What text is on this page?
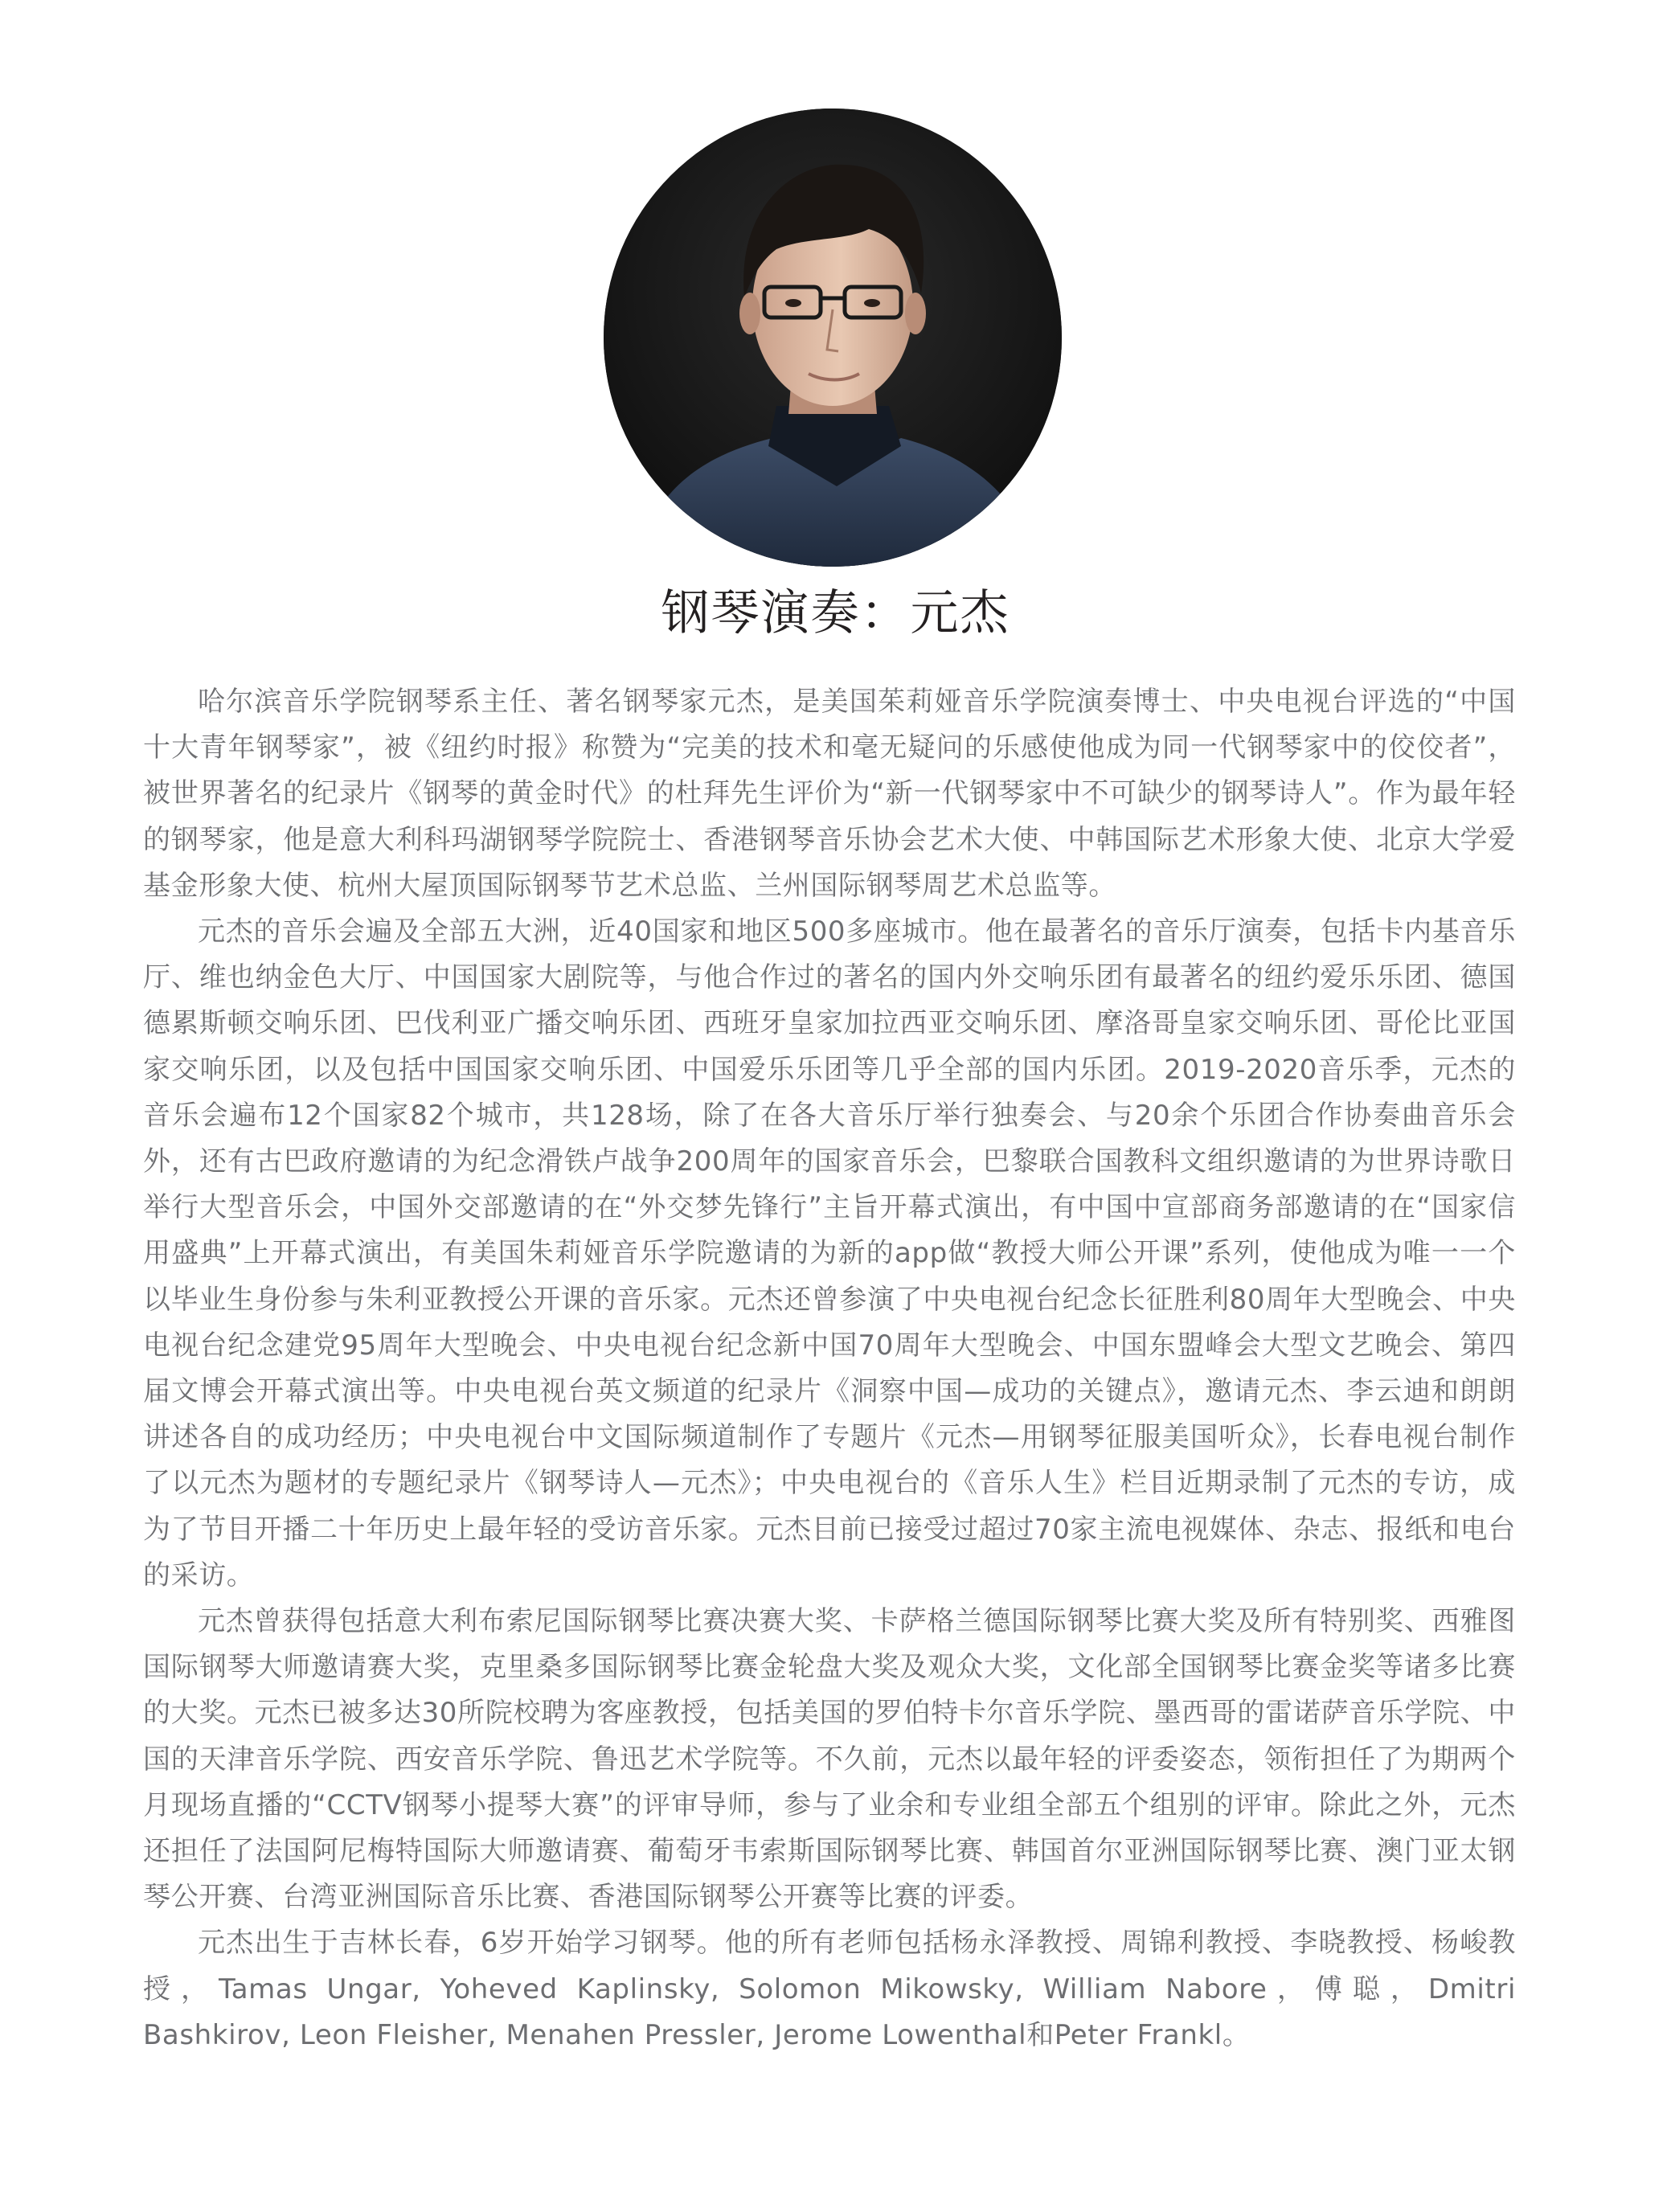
钢琴演奏：元杰

哈尔滨音乐学院钢琴系主任、著名钢琴家元杰，是美国茱莉娅音乐学院演奏博士、中央电视台评选的“中国十大青年钢琴家”，被《纽约时报》称赞为“完美的技术和毫无疑问的乐感使他成为同一代钢琴家中的佼佼者”，被世界著名的纪录片《钢琴的黄金时代》的杜拜先生评价为“新一代钢琴家中不可缺少的钢琴诗人”。作为最年轻的钢琴家，他是意大利科玛湖钢琴学院院士、香港钢琴音乐协会艺术大使、中韩国际艺术形象大使、北京大学爱基金形象大使、杭州大屋顶国际钢琴节艺术总监、兰州国际钢琴周艺术总监等。

元杰的音乐会遍及全部五大洲，近40国家和地区500多座城市。他在最著名的音乐厅演奏，包括卡内基音乐厅、维也纳金色大厅、中国国家大剧院等，与他合作过的著名的国内外交响乐团有最著名的纽约爱乐乐团、德国德累斯顿交响乐团、巴伐利亚广播交响乐团、西班牙皇家加拉西亚交响乐团、摩洛哥皇家交响乐团、哥伦比亚国家交响乐团，以及包括中国国家交响乐团、中国爱乐乐团等几乎全部的国内乐团。2019-2020音乐季，元杰的音乐会遍布12个国家82个城市，共128场，除了在各大音乐厅举行独奏会、与20余个乐团合作协奏曲音乐会外，还有古巴政府邀请的为纪念滑铁卢战争200周年的国家音乐会，巴黎联合国教科文组织邀请的为世界诗歌日举行大型音乐会，中国外交部邀请的在“外交梦先锋行”主旨开幕式演出，有中国中宣部商务部邀请的在“国家信用盛典”上开幕式演出，有美国朱莉娅音乐学院邀请的为新的app做“教授大师公开课”系列，使他成为唯一一个以毕业生身份参与朱利亚教授公开课的音乐家。元杰还曾参演了中央电视台纪念长征胜利80周年大型晚会、中央电视台纪念建党95周年大型晚会、中央电视台纪念新中国70周年大型晚会、中国东盟峰会大型文艺晚会、第四届文博会开幕式演出等。中央电视台英文频道的纪录片《洞察中国—成功的关键点》，邀请元杰、李云迪和朗朗讲述各自的成功经历；中央电视台中文国际频道制作了专题片《元杰—用钢琴征服美国听众》，长春电视台制作了以元杰为题材的专题纪录片《钢琴诗人—元杰》；中央电视台的《音乐人生》栏目近期录制了元杰的专访，成为了节目开播二十年历史上最年轻的受访音乐家。元杰目前已接受过超过70家主流电视媒体、杂志、报纸和电台的采访。

元杰曾获得包括意大利布索尼国际钢琴比赛决赛大奖、卡萨格兰德国际钢琴比赛大奖及所有特别奖、西雅图国际钢琴大师邀请赛大奖，克里桑多国际钢琴比赛金轮盘大奖及观众大奖，文化部全国钢琴比赛金奖等诸多比赛的大奖。元杰已被多达30所院校聘为客座教授，包括美国的罗伯特卡尔音乐学院、墨西哥的雷诺萨音乐学院、中国的天津音乐学院、西安音乐学院、鲁迅艺术学院等。不久前，元杰以最年轻的评委姿态，领衔担任了为期两个月现场直播的“CCTV钢琴小提琴大赛”的评审导师，参与了业余和专业组全部五个组别的评审。除此之外，元杰还担任了法国阿尼梅特国际大师邀请赛、葡萄牙韦索斯国际钢琴比赛、韩国首尔亚洲国际钢琴比赛、澳门亚太钢琴公开赛、台湾亚洲国际音乐比赛、香港国际钢琴公开赛等比赛的评委。

元杰出生于吉林长春，6岁开始学习钢琴。他的所有老师包括杨永泽教授、周锦利教授、李晓教授、杨峻教授，Tamas Ungar, Yoheved Kaplinsky, Solomon Mikowsky, William Nabore，傅聪，Dmitri Bashkirov, Leon Fleisher, Menahen Pressler, Jerome Lowenthal和Peter Frankl。
